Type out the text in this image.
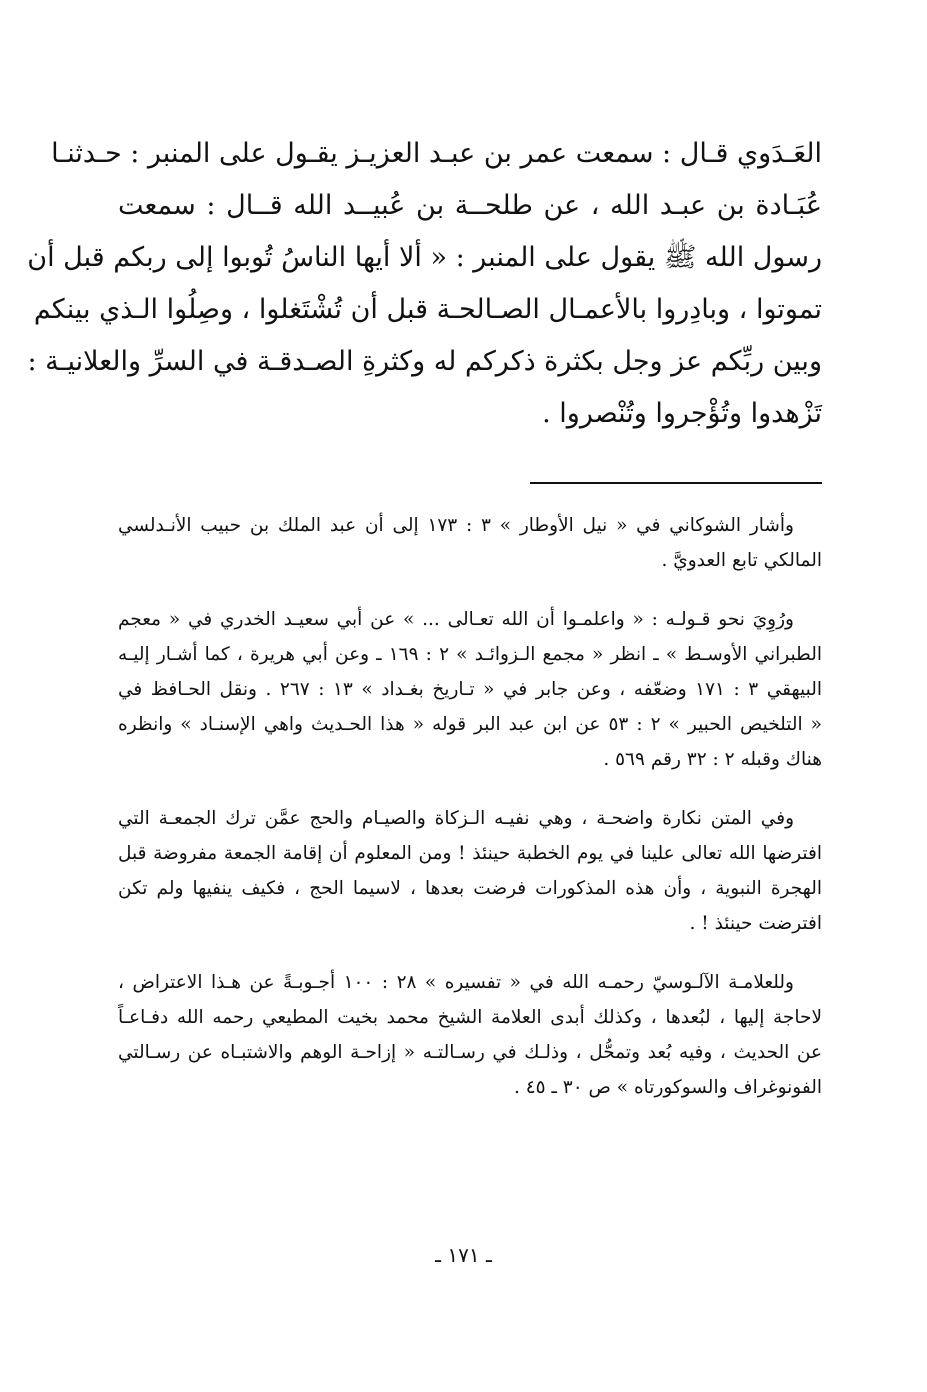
العَـدَوي قـال : سمعت عمر بن عبـد العزيـز يقـول على المنبر : حـدثنـا
عُبَـادة بن عبـد الله ، عن طلحــة بن عُبيــد الله قــال : سمعت
رسول الله ﷺ يقول على المنبر : « ألا أيها الناسُ تُوبوا إلى ربكم قبل أن
تموتوا ، وبادِروا بالأعمـال الصـالحـة قبل أن تُشْتَغلوا ، وصِلُوا الـذي بينكم
وبين ربِّكم عز وجل بكثرة ذكركم له وكثرةِ الصـدقـة في السرِّ والعلانيـة :
تَزْهدوا وتُؤْجروا وتُنْصروا .
وأشار الشوكاني في « نيل الأوطار » ٣ : ١٧٣ إلى أن عبد الملك بن حبيب الأنـدلسي
المالكي تابع العدويَّ .
ورُوِيَ نحو قـولـه : « واعلمـوا أن الله تعـالى ... » عن أبي سعيـد الخدري في « معجم
الطبراني الأوسـط » ـ انظر « مجمع الـزوائـد » ٢ : ١٦٩ ـ وعن أبي هريرة ، كما أشـار إليـه
البيهقي ٣ : ١٧١ وضعّفه ، وعن جابر في « تـاريخ بغـداد » ١٣ : ٢٦٧ . ونقل الحـافظ في
« التلخيص الحبير » ٢ : ٥٣ عن ابن عبد البر قوله « هذا الحـديث واهي الإسنـاد » وانظره
هناك وقبله ٢ : ٣٢ رقم ٥٦٩ .
وفي المتن نكارة واضحـة ، وهي نفيـه الـزكاة والصيـام والحج عمَّن ترك الجمعـة التي
افترضها الله تعالى علينا في يوم الخطبة حينئذ ! ومن المعلوم أن إقامة الجمعة مفروضة قبل
الهجرة النبوية ، وأن هذه المذكورات فرضت بعدها ، لاسيما الحج ، فكيف ينفيها ولم تكن
افترضت حينئذ ! .
وللعلامـة الآلـوسيّ رحمـه الله في « تفسيره » ٢٨ : ١٠٠ أجـوبـةً عن هـذا الاعتراض ،
لاحاجة إليها ، لبُعدها ، وكذلك أبدى العلامة الشيخ محمد بخيت المطيعي رحمه الله دفـاعـاً
عن الحديث ، وفيه بُعد وتمحُّل ، وذلـك في رسـالتـه « إزاحـة الوهم والاشتبـاه عن رسـالتي
الفونوغراف والسوكورتاه » ص ٣٠ ـ ٤٥ .
ـ ١٧١ ـ
